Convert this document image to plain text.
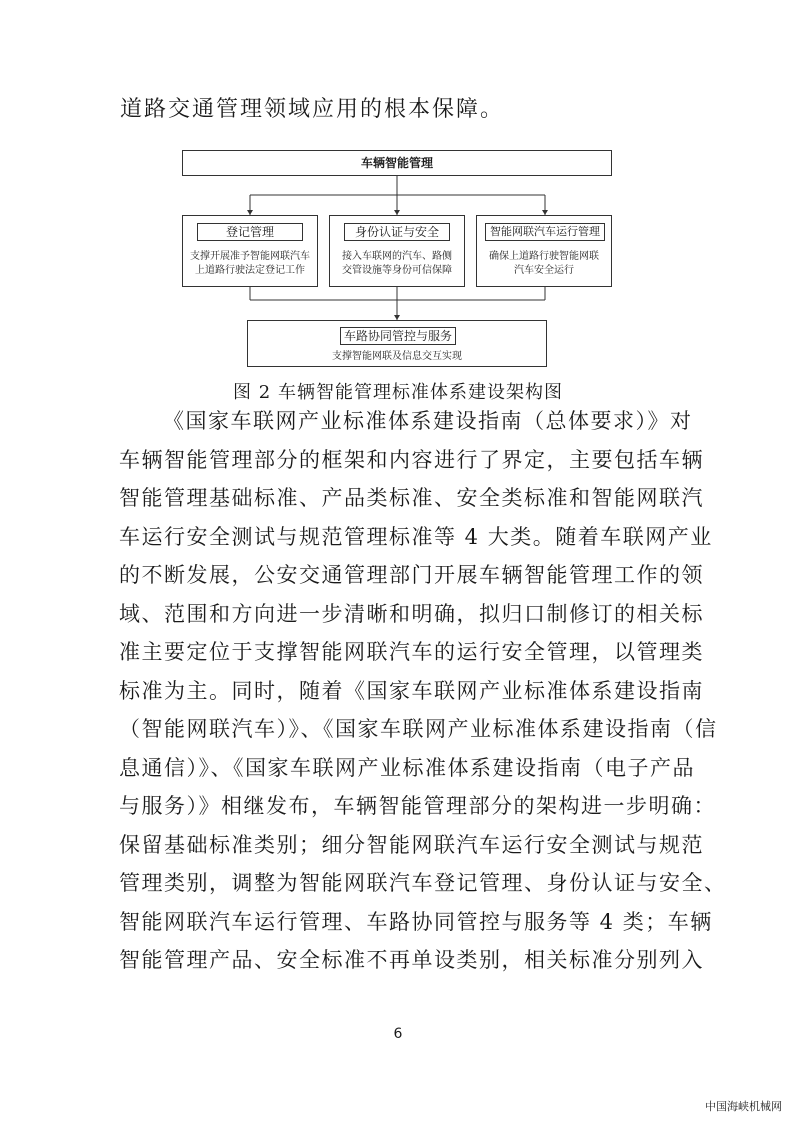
道路交通管理领域应用的根本保障。
车辆智能管理
登记管理
支撑开展准予智能网联汽车
上道路行驶法定登记工作
身份认证与安全
接入车联网的汽车、路侧
交管设施等身份可信保障
智能网联汽车运行管理
确保上道路行驶智能网联
汽车安全运行
车路协同管控与服务
支撑智能网联及信息交互实现
图 2 车辆智能管理标准体系建设架构图

《国家车联网产业标准体系建设指南（总体要求）》对
车辆智能管理部分的框架和内容进行了界定，主要包括车辆
智能管理基础标准、产品类标准、安全类标准和智能网联汽
车运行安全测试与规范管理标准等 4 大类。随着车联网产业
的不断发展，公安交通管理部门开展车辆智能管理工作的领
域、范围和方向进一步清晰和明确，拟归口制修订的相关标
准主要定位于支撑智能网联汽车的运行安全管理，以管理类
标准为主。同时，随着《国家车联网产业标准体系建设指南
（智能网联汽车）》、《国家车联网产业标准体系建设指南（信
息通信）》、《国家车联网产业标准体系建设指南（电子产品
与服务）》相继发布，车辆智能管理部分的架构进一步明确：
保留基础标准类别；细分智能网联汽车运行安全测试与规范
管理类别，调整为智能网联汽车登记管理、身份认证与安全、
智能网联汽车运行管理、车路协同管控与服务等 4 类；车辆
智能管理产品、安全标准不再单设类别，相关标准分别列入

6
中国海峡机械网
